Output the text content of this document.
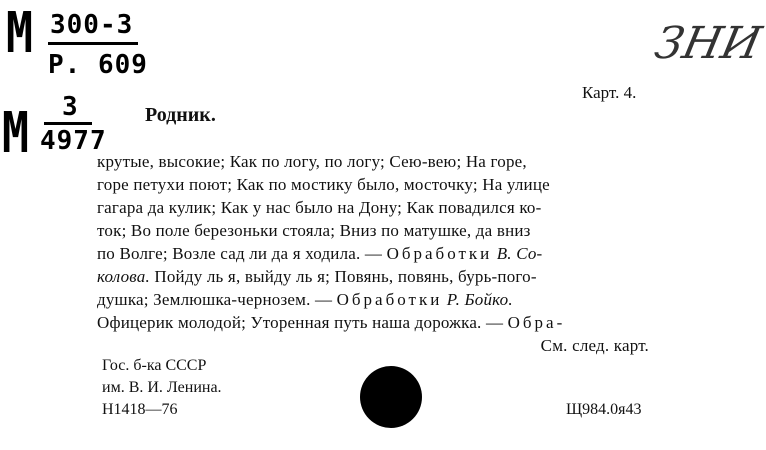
М 300-3
Р. 609
М 3
4977
ЗНИ
Карт. 4.
Родник.
крутые, высокие; Как по логу, по логу; Сею-вею; На горе,
горе петухи поют; Как по мостику было, мосточку; На улице
гагара да кулик; Как у нас было на Дону; Как повадился ко-
ток; Во поле березоньки стояла; Вниз по матушке, да вниз
по Волге; Возле сад ли да я ходила. — Обработки В. Со-
колова. Пойду ль я, выйду ль я; Повянь, повянь, бурь-пого-
душка; Землюшка-чернозем. — Обработки Р. Бойко.
Офицерик молодой; Уторенная путь наша дорожка. — Обра-
См. след. карт.
Гос. б-ка СССР
им. В. И. Ленина.
Н1418—76	Щ984.0я43
